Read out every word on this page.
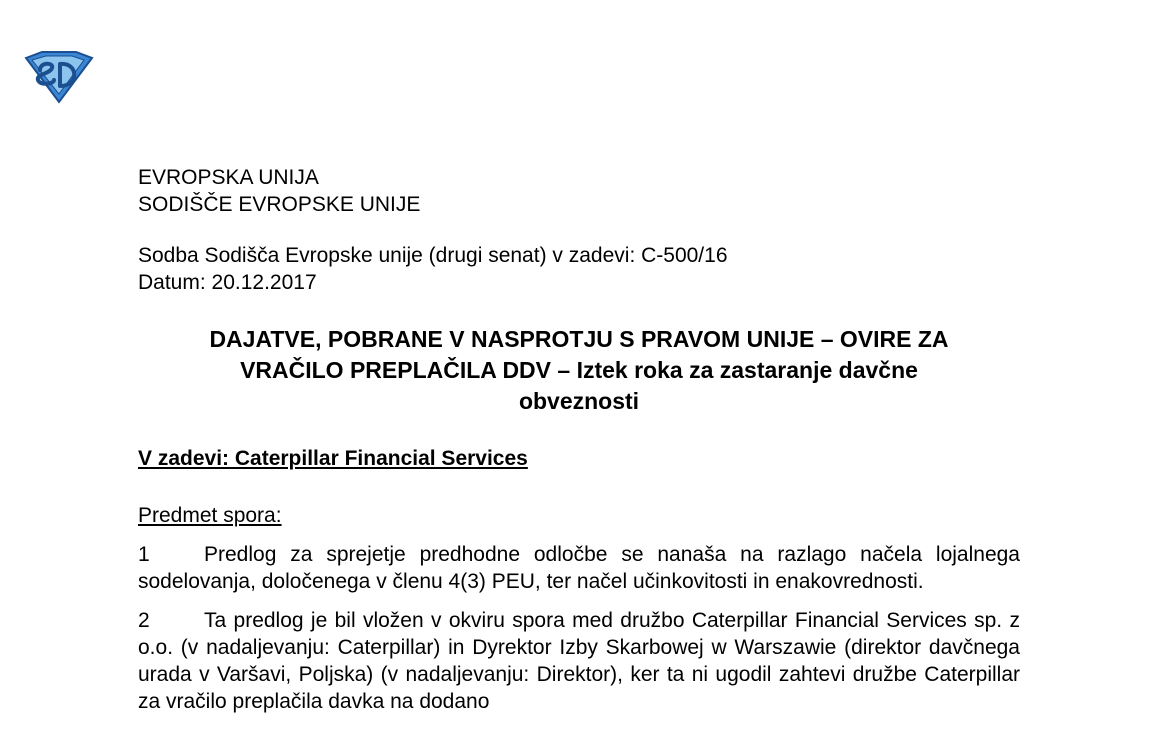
EVROPSKA UNIJA
SODIŠČE EVROPSKE UNIJE
Sodba Sodišča Evropske unije (drugi senat) v zadevi: C-500/16
Datum: 20.12.2017
DAJATVE, POBRANE V NASPROTJU S PRAVOM UNIJE – OVIRE ZA
VRAČILO PREPLAČILA DDV – Iztek roka za zastaranje davčne
obveznosti
V zadevi: Caterpillar Financial Services
Predmet spora:
1	Predlog za sprejetje predhodne odločbe se nanaša na razlago načela lojalnega sodelovanja, določenega v členu 4(3) PEU, ter načel učinkovitosti in enakovrednosti.
2	Ta predlog je bil vložen v okviru spora med družbo Caterpillar Financial Services sp. z o.o. (v nadaljevanju: Caterpillar) in Dyrektor Izby Skarbowej w Warszawie (direktor davčnega urada v Varšavi, Poljska) (v nadaljevanju: Direktor), ker ta ni ugodil zahtevi družbe Caterpillar za vračilo preplačila davka na dodano
